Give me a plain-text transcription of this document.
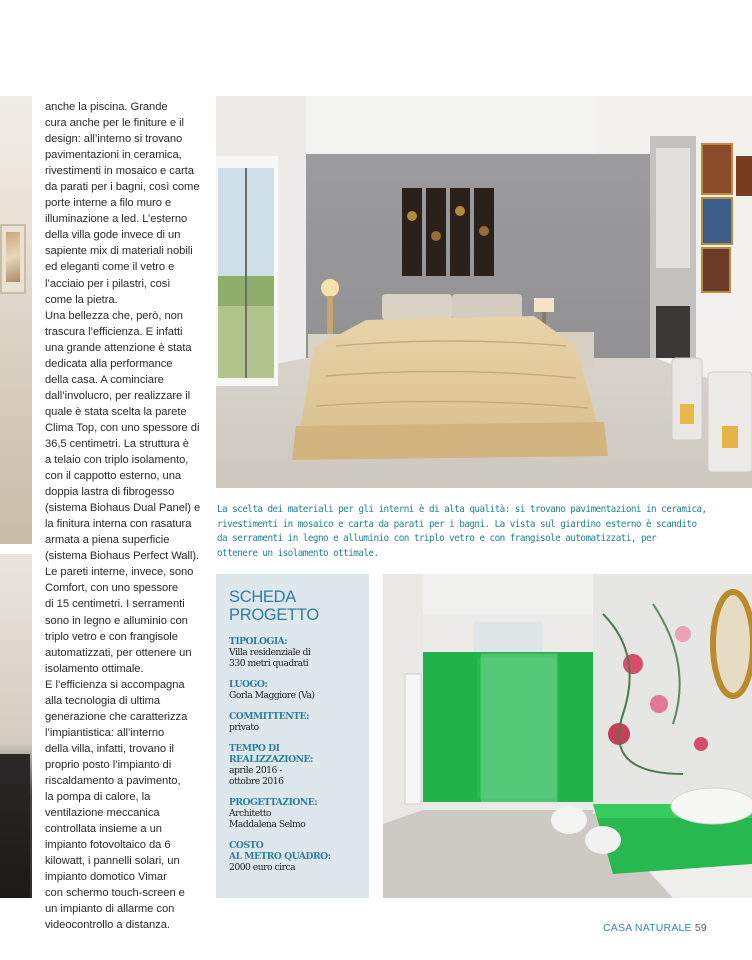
anche la piscina. Grande

cura anche per le finiture e il

design: all’interno si trovano

pavimentazioni in ceramica,

rivestimenti in mosaico e carta

da parati per i bagni, così come

porte interne a filo muro e

illuminazione a led. L’esterno

della villa gode invece di un

sapiente mix di materiali nobili

ed eleganti come il vetro e

l’acciaio per i pilastri, così

come la pietra.

Una bellezza che, però, non

trascura l’efficienza. E infatti

una grande attenzione è stata

dedicata alla performance

della casa. A cominciare

dall’involucro, per realizzare il

quale è stata scelta la parete

Clima Top, con uno spessore di

36,5 centimetri. La struttura è

a telaio con triplo isolamento,

con il cappotto esterno, una

doppia lastra di fibrogesso

(sistema Biohaus Dual Panel) e

la finitura interna con rasatura

armata a piena superficie

(sistema Biohaus Perfect Wall).

Le pareti interne, invece, sono

Comfort, con uno spessore

di 15 centimetri. I serramenti

sono in legno e alluminio con

triplo vetro e con frangisole

automatizzati, per ottenere un

isolamento ottimale.

E l’efficienza si accompagna

alla tecnologia di ultima

generazione che caratterizza

l’impiantistica: all’interno

della villa, infatti, trovano il

proprio posto l’impianto di

riscaldamento a pavimento,

la pompa di calore, la

ventilazione meccanica

controllata insieme a un

impianto fotovoltaico da 6

kilowatt, i pannelli solari, un

impianto domotico Vimar

con schermo touch-screen e

un impianto di allarme con

videocontrollo a distanza.

La scelta dei materiali per gli interni è di alta qualità: si trovano pavimentazioni in ceramica,
rivestimenti in mosaico e carta da parati per i bagni. La vista sul giardino esterno è scandito
da serramenti in legno e alluminio con triplo vetro e con frangisole automatizzati, per
ottenere un isolamento ottimale.
SCHEDA
PROGETTO
TIPOLOGIA:
Villa residenziale di
330 metri quadrati
LUOGO:
Gorla Maggiore (Va)
COMMITTENTE:
privato
TEMPO DI
REALIZZAZIONE:
aprile 2016 -
ottobre 2016
PROGETTAZIONE:
Architetto
Maddalena Selmo
COSTO
AL METRO QUADRO:
2000 euro circa
CASA NATURALE 59
